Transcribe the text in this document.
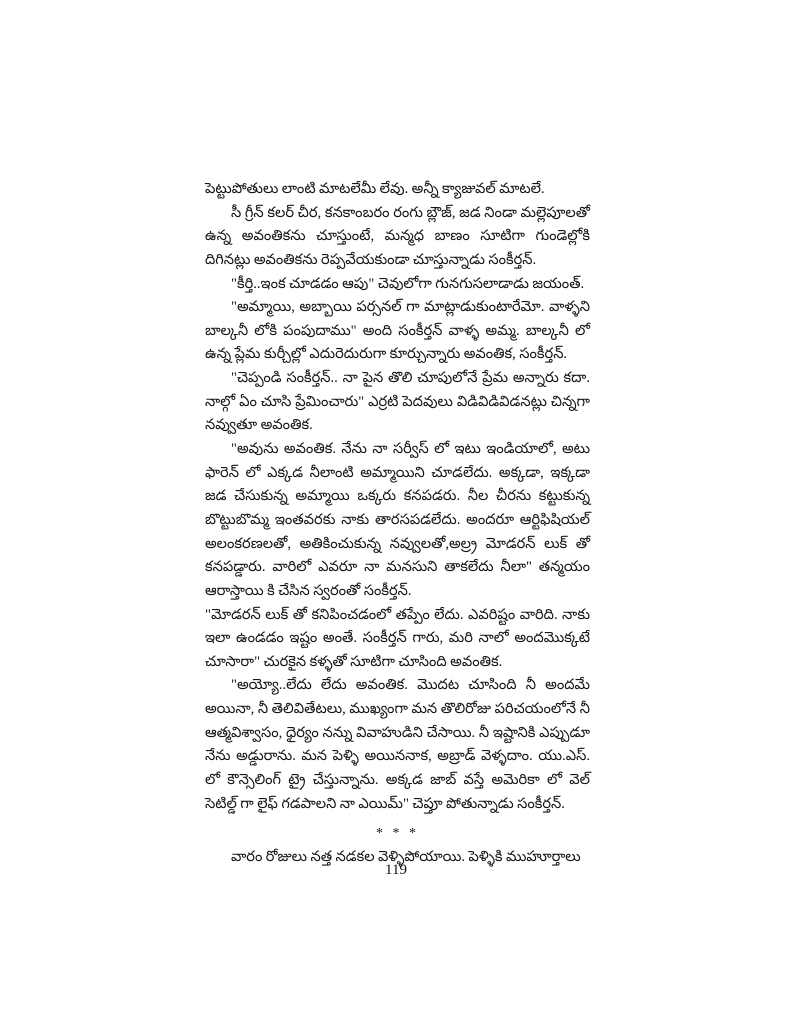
పెట్టుపోతులు లాంటి మాటలేమీ లేవు. అన్నీ క్యాజువల్ మాటలే.

సీ గ్రీన్ కలర్ చీర, కనకాంబరం రంగు బ్లౌజ్, జడ నిండా మల్లెపూలతో ఉన్న అవంతికను చూస్తుంటే, మన్మధ బాణం సూటిగా గుండెల్లోకి దిగినట్లు అవంతికను రెప్పవేయకుండా చూస్తున్నాడు సంకీర్తన్.

"కీర్తి..ఇంక చూడడం ఆపు" చెవులోగా గునగుసలాడాడు జయంత్.

"అమ్మాయి, అబ్బాయి పర్సనల్ గా మాట్లాడుకుంటారేమో. వాళ్ళని బాల్కనీ లోకి పంపుదాము" అంది సంకీర్తన్ వాళ్ళ అమ్మ. బాల్కనీ లో ఉన్న ప్లేమ కుర్చీల్లో ఎదురెదురుగా కూర్చున్నారు అవంతిక, సంకీర్తన్.

"చెప్పండి సంకీర్తన్.. నా పైన తొలి చూపులోనే ప్రేమ అన్నారు కదా. నాల్గో ఏం చూసి ప్రేమించారు" ఎర్రటి పెదవులు విడివిడివిడనట్లు చిన్నగా నవ్వుతూ అవంతిక.

"అవును అవంతిక. నేను నా సర్వీస్ లో ఇటు ఇండియాలో, అటు ఫారెన్ లో ఎక్కడ నీలాంటి అమ్మాయిని చూడలేదు. అక్కడా, ఇక్కడా జడ చేసుకున్న అమ్మాయి ఒక్కరు కనపడరు. నీల చీరను కట్టుకున్న బొట్టుబొమ్మ ఇంతవరకు నాకు తారసపడలేదు. అందరూ ఆర్టిఫిషియల్ అలంకరణలతో, అతికించుకున్న నవ్వులతో,అల్ర్ర మోడరన్ లుక్ తో కనపడ్డారు. వారిలో ఎవరూ నా మనసుని తాకలేదు నీలా" తన్మయం ఆరాస్తాయి కి చేసిన స్వరంతో సంకీర్తన్.

"మోడరన్ లుక్ తో కనిపించడంలో తప్పేం లేదు. ఎవరిష్టం వారిది. నాకు ఇలా ఉండడం ఇష్టం అంతే. సంకీర్తన్ గారు, మరి నాలో అందమొక్కటే చూసారా" చురకైన కళ్ళతో సూటిగా చూసింది అవంతిక.

"అయ్యో..లేదు లేదు అవంతిక. మొదట చూసింది నీ అందమే అయినా, నీ తెలివితేటలు, ముఖ్యంగా మన తొలిరోజు పరిచయంలోనే నీ ఆత్మవిశ్వాసం, ధైర్యం నన్ను వివాహుడిని చేసాయి. నీ ఇష్టానికి ఎప్పుడూ నేను అడ్డురాను. మన పెళ్ళి అయిననాక, అబ్రాడ్ వెళ్ళదాం. యు.ఎస్. లో కౌన్సెలింగ్ ట్రై చేస్తున్నాను. అక్కడ జాబ్ వస్తే అమెరికా లో వెల్ సెటిల్డ్ గా లైఫ్ గడపాలని నా ఎయిమ్" చెప్తూ పోతున్నాడు సంకీర్తన్.

* * *

వారం రోజులు నత్త నడకల వెళ్ళిపోయాయి. పెళ్ళికి ముహూర్తాలు

119
